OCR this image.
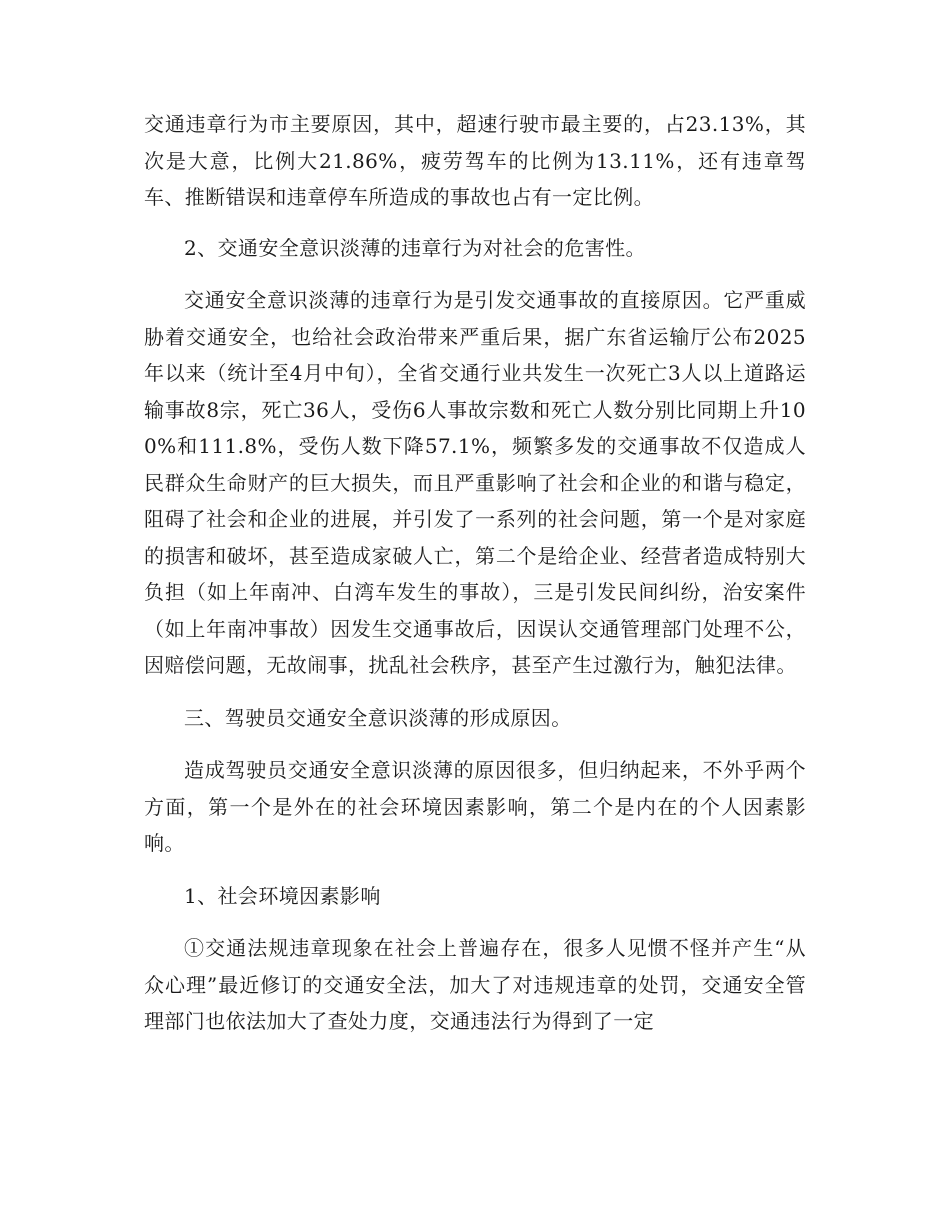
交通违章行为市主要原因，其中，超速行驶市最主要的，占23.13%，其次是大意，比例大21.86%，疲劳驾车的比例为13.11%，还有违章驾车、推断错误和违章停车所造成的事故也占有一定比例。

2、交通安全意识淡薄的违章行为对社会的危害性。

交通安全意识淡薄的违章行为是引发交通事故的直接原因。它严重威胁着交通安全，也给社会政治带来严重后果，据广东省运输厅公布2025年以来（统计至4月中旬），全省交通行业共发生一次死亡3人以上道路运输事故8宗，死亡36人，受伤6人事故宗数和死亡人数分别比同期上升100%和111.8%，受伤人数下降57.1%，频繁多发的交通事故不仅造成人民群众生命财产的巨大损失，而且严重影响了社会和企业的和谐与稳定，阻碍了社会和企业的进展，并引发了一系列的社会问题，第一个是对家庭的损害和破坏，甚至造成家破人亡，第二个是给企业、经营者造成特别大负担（如上年南冲、白湾车发生的事故），三是引发民间纠纷，治安案件（如上年南冲事故）因发生交通事故后，因误认交通管理部门处理不公，因赔偿问题，无故闹事，扰乱社会秩序，甚至产生过激行为，触犯法律。

三、驾驶员交通安全意识淡薄的形成原因。

造成驾驶员交通安全意识淡薄的原因很多，但归纳起来，不外乎两个方面，第一个是外在的社会环境因素影响，第二个是内在的个人因素影响。

1、社会环境因素影响

①交通法规违章现象在社会上普遍存在，很多人见惯不怪并产生“从众心理”最近修订的交通安全法，加大了对违规违章的处罚，交通安全管理部门也依法加大了查处力度，交通违法行为得到了一定
